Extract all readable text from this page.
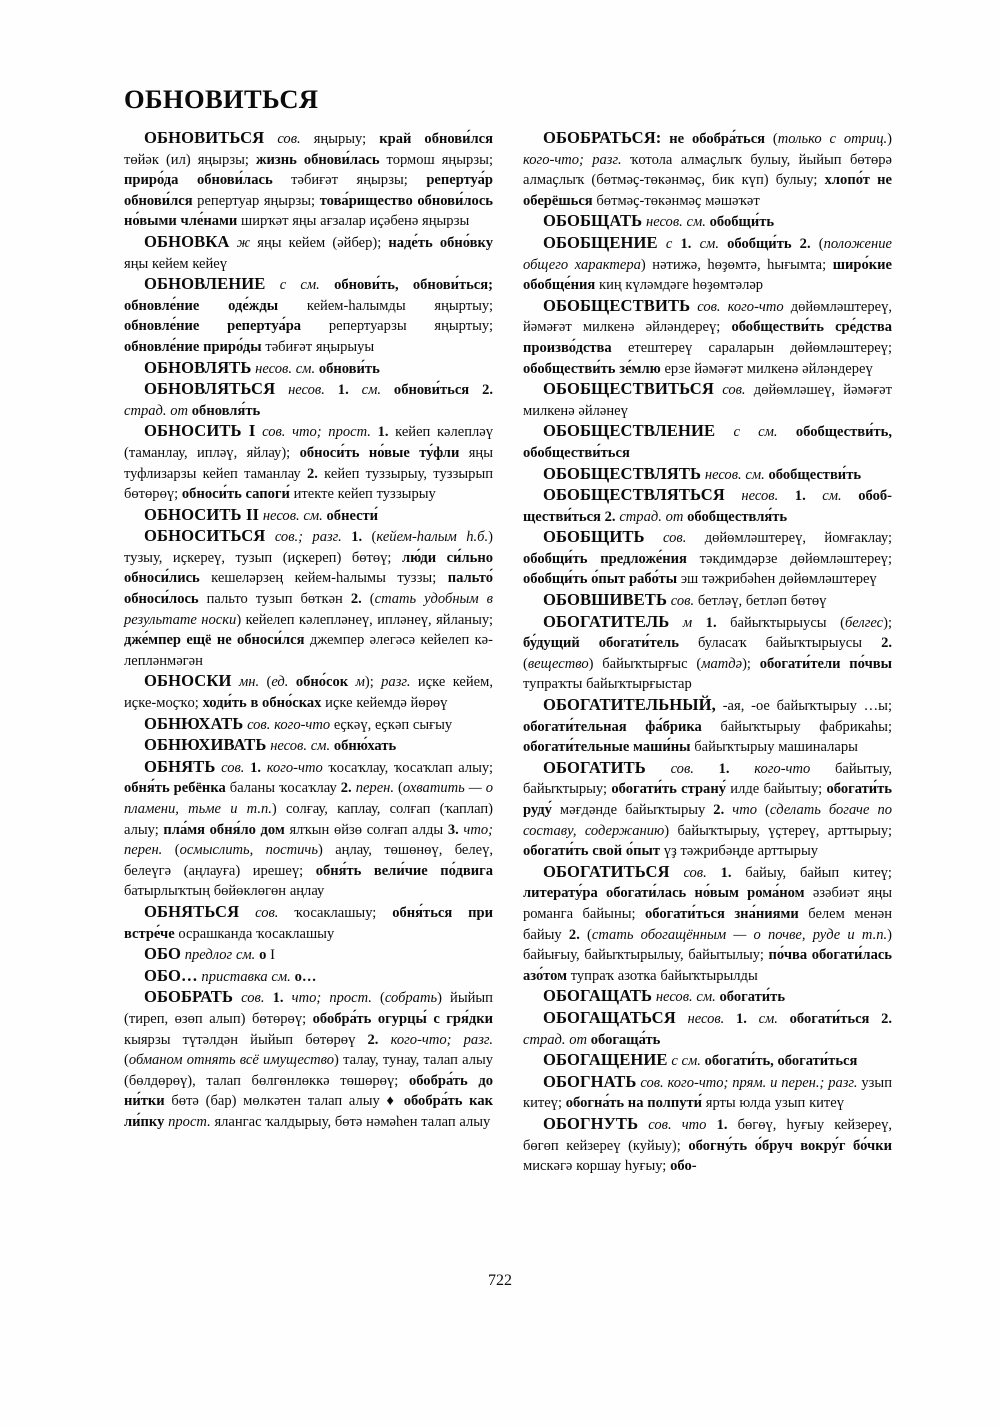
ОБНОВИТЬСЯ

ОБНОВИТЬСЯ сов. яңырыу; край обнови́лся төйәк (ил) яңырзы; жизнь обнови́лась тормош яңырзы; приро́да обнови́лась тәбиғәт яңырзы; репертуа́р обнови́лся репертуар яңырзы; това́рищество обнови́лось но́выми чле́нами ширҡәт яңы ағзалар иҫәбенә яңырзы

ОБНОВКА ж яңы кейем (әйбер); наде́ть обно́вку яңы кейем кейеү

ОБНОВЛЕНИЕ с см. обнови́ть, обнови́ться; обновле́ние оде́жды кейем-һалымды яңыртыу; обновле́ние репертуа́ра репертуарзы яңыртыу; обновле́ние приро́ды тәбиғәт яңырыуы

ОБНОВЛЯТЬ несов. см. обнови́ть

ОБНОВЛЯТЬСЯ несов. 1. см. обнови́ться 2. страд. от обновля́ть

ОБНОСИТЬ I сов. что; прост. 1. кейеп кәлепләү (таманлау, ипләү, яйлау); обноси́ть но́вые ту́фли яңы туфлизарзы кейеп таманлау 2. кейеп туззырыу, туззырып бөтөрөү; обноси́ть сапоги́ итекте кейеп туззырыу

ОБНОСИТЬ II несов. см. обнести́

ОБНОСИТЬСЯ сов.; разг. 1. (кейем-һалым һ.б.) тузыу, иҫкереү, тузып (иҫкереп) бөтөү; лю́ди си́льно обноси́лись кешеләрзең кейем-һалымы туззы; пальто́ обноси́лось пальто тузып бөткән 2. (стать удобным в результате носки) кейелеп кәлепләнеү, ипләнеү, яйланыу; дже́мпер ещё не обноси́лся джемпер әлегәсә кейелеп кәлепләнмәгән

ОБНОСКИ мн. (ед. обно́сок м); разг. иҫке кейем, иҫке-моҫҡо; ходи́ть в обно́сках иҫке кейемдә йөрөү

ОБНЮХАТЬ сов. кого-что еҫкәү, еҫкәп сығыу

ОБНЮХИВАТЬ несов. см. обню́хать

ОБНЯТЬ сов. 1. кого-что ҡосаҡлау, ҡосаҡлап алыу; обня́ть ребёнка баланы ҡосаҡлау 2. перен. (охватить — о пламени, тьме и т.п.) солғау, каплау, солғап (ҡаплап) алыу; пла́мя обня́ло дом ялҡын өйзө солғап алды 3. что; перен. (осмыслить, постичь) аңлау, төшөнөү, белеү, белеүгә (аңлауға) ирешеү; обня́ть вели́чие по́двига батырлыҡтың бөйөклөгөн аңлау

ОБНЯТЬСЯ сов. ҡосаклашыу; обня́ться при встре́че осрашканда ҡосаклашыу

ОБО предлог см. о I

ОБО… приставка см. о…

ОБОБРАТЬ сов. 1. что; прост. (собрать) йыйып (тиреп, өзөп алып) бөтөрөү; обобра́ть огурцы́ с гря́дки кыярзы түтәлдән йыйып бөтөрөү 2. кого-что; разг. (обманом отнять всё имущество) талау, тунау, талап алыу (бөлдөрөү), талап бөлгөнлөккә төшөрөү; обобра́ть до ни́тки бөтә (бар) мөлкәтен талап алыу ♦ обобра́ть как ли́пку прост. ялангас ҡалдырыу, бөтә нәмәһен талап алыу

ОБОБРАТЬСЯ: не обобра́ться (только с отриц.) кого-что; разг. ҡотола алмаҫлыҡ булыу, йыйып бөтөрә алмаҫлыҡ (бөтмәҫ-төкәнмәҫ, бик күп) булыу; хлопо́т не оберёшься бөтмәҫ-төкәнмәҫ мәшәҡәт

ОБОБЩАТЬ несов. см. обобщи́ть

ОБОБЩЕНИЕ с 1. см. обобщи́ть 2. (положение общего характера) нәтижә, һөҙөмтә, һығымта; широ́кие обобще́ния киң күләмдәге һөҙөмтәләр

ОБОБЩЕСТВИТЬ сов. кого-что дөйөмләштереү, йәмәғәт милкенә әйләндереү; обобществи́ть сре́дства произво́дства етештереү сараларын дөйөмләштереү; обобществи́ть зе́млю ерзе йәмәғәт милкенә әйләндереү

ОБОБЩЕСТВИТЬСЯ сов. дөйөмләшеү, йәмәғәт милкенә әйләнеү

ОБОБЩЕСТВЛЕНИЕ с см. обобществи́ть, обобществи́ться

ОБОБЩЕСТВЛЯТЬ несов. см. обобществи́ть

ОБОБЩЕСТВЛЯТЬСЯ несов. 1. см. обобществи́ться 2. страд. от обобществля́ть

ОБОБЩИТЬ сов. дөйөмләштереү, йомғаклау; обобщи́ть предложе́ния тәкдимдәрзе дөйөмләштереү; обобщи́ть о́пыт рабо́ты эш тәжрибәһен дөйөмләштереү

ОБОВШИВЕТЬ сов. бетләү, бетләп бөтөү

ОБОГАТИТЕЛЬ м 1. байыҡтырыусы (белгес); бу́дущий обогати́тель буласаҡ байыҡтырыусы 2. (вещество) байыҡтырғыс (матдә); обогати́тели по́чвы тупраҡты байыҡтырғыстар

ОБОГАТИТЕЛЬНЫЙ, -ая, -ое байыҡтырыу …ы; обогати́тельная фа́брика байыҡтырыу фабрикаһы; обогати́тельные маши́ны байыҡтырыу машиналары

ОБОГАТИТЬ сов. 1. кого-что байытыу, байыҡтырыу; обогати́ть страну́ илде байытыу; обогати́ть руду́ мәғдәнде байыҡтырыу 2. что (сделать богаче по составу, содержанию) байыҡтырыу, үҫтереү, арттырыу; обогати́ть свой о́пыт үҙ тәжрибәңде арттырыу

ОБОГАТИТЬСЯ сов. 1. байыу, байып китеү; литерату́ра обогати́лась но́вым рома́ном әзәбиәт яңы романга байыны; обогати́ться зна́ниями белем менән байыу 2. (стать обогащённым — о почве, руде и т.п.) байығыу, байыҡтырылыу, байытылыу; по́чва обогати́лась азо́том тупраҡ азотка байыҡтырылды

ОБОГАЩАТЬ несов. см. обогати́ть

ОБОГАЩАТЬСЯ несов. 1. см. обогати́ться 2. страд. от обогаща́ть

ОБОГАЩЕНИЕ с см. обогати́ть, обогати́ться

ОБОГНАТЬ сов. кого-что; прям. и перен.; разг. узып китеү; обогна́ть на полпути́ ярты юлда узып китеү

ОБОГНУТЬ сов. что 1. бөгөү, һуғыу кейзереү, бөгөп кейзереү (куйыу); обогну́ть о́бруч вокру́г бо́чки мискәгә коршау һуғыу; обо-

722
